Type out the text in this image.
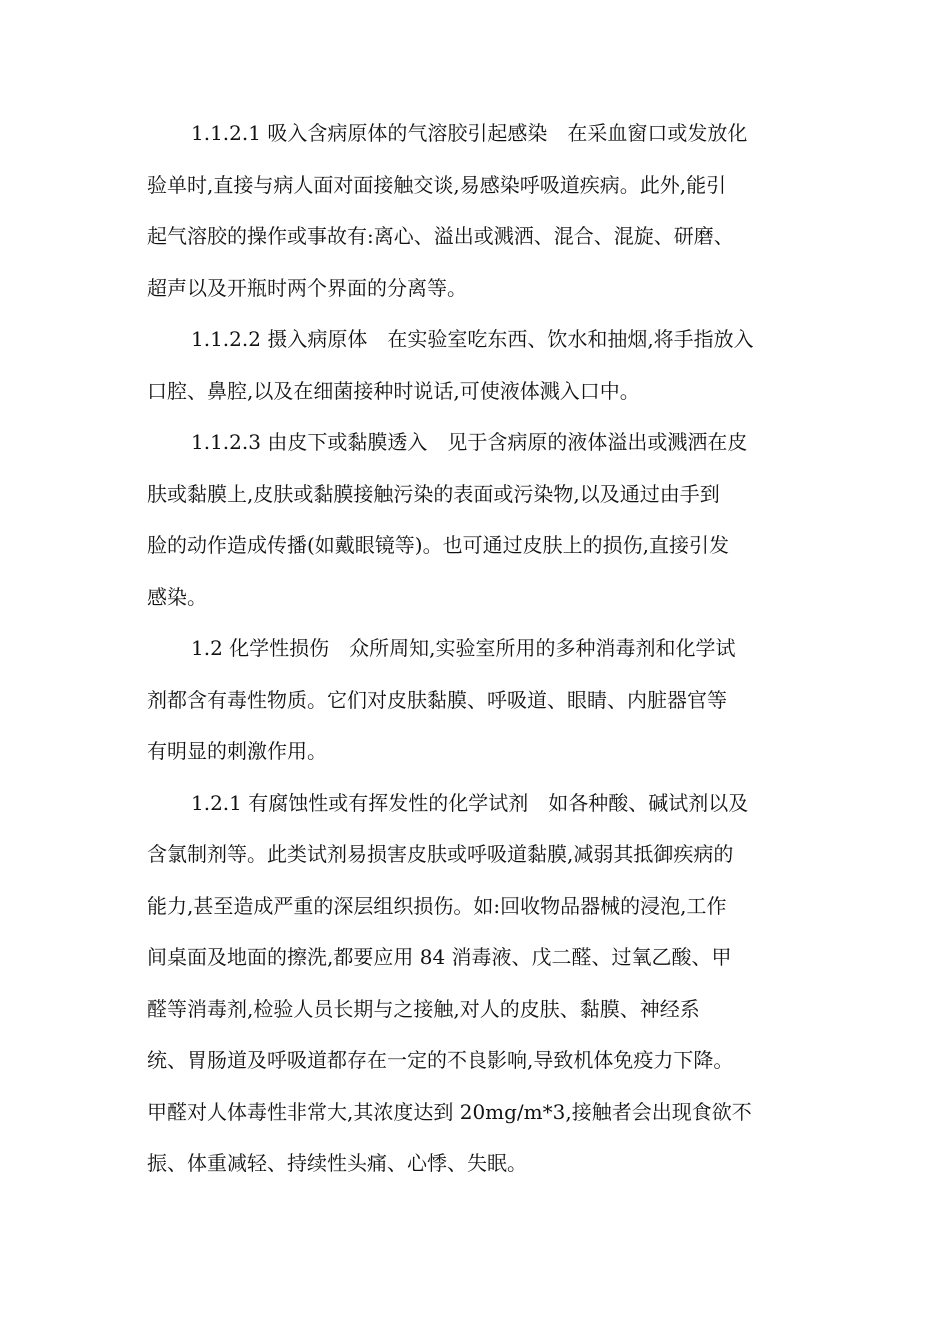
1.1.2.1 吸入含病原体的气溶胶引起感染　在采血窗口或发放化
验单时,直接与病人面对面接触交谈,易感染呼吸道疾病。此外,能引
起气溶胶的操作或事故有:离心、溢出或溅洒、混合、混旋、研磨、
超声以及开瓶时两个界面的分离等。

1.1.2.2 摄入病原体　在实验室吃东西、饮水和抽烟,将手指放入
口腔、鼻腔,以及在细菌接种时说话,可使液体溅入口中。

1.1.2.3 由皮下或黏膜透入　见于含病原的液体溢出或溅洒在皮
肤或黏膜上,皮肤或黏膜接触污染的表面或污染物,以及通过由手到
脸的动作造成传播(如戴眼镜等)。也可通过皮肤上的损伤,直接引发
感染。

1.2 化学性损伤　众所周知,实验室所用的多种消毒剂和化学试
剂都含有毒性物质。它们对皮肤黏膜、呼吸道、眼睛、内脏器官等
有明显的刺激作用。

1.2.1 有腐蚀性或有挥发性的化学试剂　如各种酸、碱试剂以及
含氯制剂等。此类试剂易损害皮肤或呼吸道黏膜,减弱其抵御疾病的
能力,甚至造成严重的深层组织损伤。如:回收物品器械的浸泡,工作
间桌面及地面的擦洗,都要应用 84 消毒液、戊二醛、过氧乙酸、甲
醛等消毒剂,检验人员长期与之接触,对人的皮肤、黏膜、神经系
统、胃肠道及呼吸道都存在一定的不良影响,导致机体免疫力下降。
甲醛对人体毒性非常大,其浓度达到 20mg/m*3,接触者会出现食欲不
振、体重减轻、持续性头痛、心悸、失眠。
